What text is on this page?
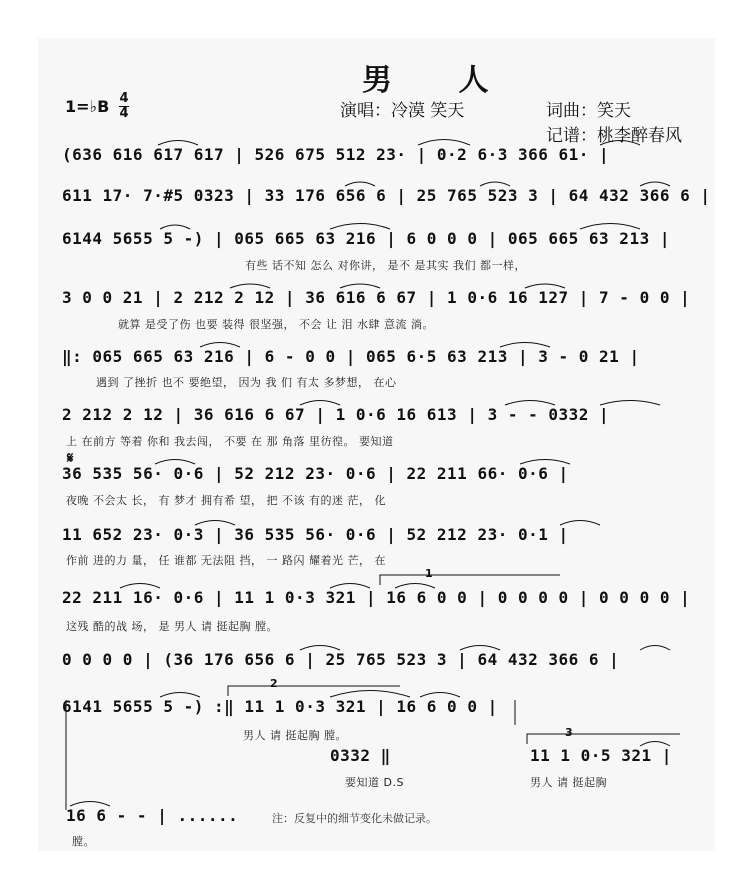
男 人
1=♭B 4
4	演唱：冷漠 笑天	词曲：笑天
记谱：桃李醉春风
(636 616 617 617 | 526 675 512 23· | 0·2 6·3 366 61· |
611 17· 7·#5 0323 | 33 176 656 6 | 25 765 523 3 | 64 432 366 6 |
6144 5655 5 -) | 065 665 63 216 | 6 0 0 0 | 065 665 63 213 |
有些 话不知 怎么 对你讲， 是不 是其实 我们 都一样，
3 0 0 21 | 2 212 2 12 | 36 616 6 67 | 1 0·6 16 127 | 7 - 0 0 |
就算 是受了伤 也要 装得 很坚强， 不会 让 泪 水肆 意流 淌。
‖: 065 665 63 216 | 6 - 0 0 | 065 6·5 63 213 | 3 - 0 21 |
遇到 了挫折 也不 要绝望， 因为 我 们 有太 多梦想， 在心
2 212 2 12 | 36 616 6 67 | 1 0·6 16 613 | 3 - - 0332 |
上 在前方 等着 你和 我去闯， 不要 在 那 角落 里彷徨。 要知道
𝄋
36 535 56· 0·6 | 52 212 23· 0·6 | 22 211 66· 0·6 |
夜晚 不会太 长， 有 梦才 拥有希 望， 把 不该 有的迷 茫， 化
11 652 23· 0·3 | 36 535 56· 0·6 | 52 212 23· 0·1 |
作前 进的力 量， 任 谁都 无法阻 挡， 一 路闪 耀着光 芒， 在
1
22 211 16· 0·6 | 11 1 0·3 321 | 16 6 0 0 | 0 0 0 0 | 0 0 0 0 |
这残 酷的战 场， 是 男人 请 挺起胸 膛。
0 0 0 0 | (36 176 656 6 | 25 765 523 3 | 64 432 366 6 |
2
6141 5655 5 -) :‖ 11 1 0·3 321 | 16 6 0 0 |
男人 请 挺起胸 膛。
0332 ‖
要知道 D.S
3
11 1 0·5 321 |
男人 请 挺起胸
16 6 - - | ......
膛。
注：反复中的细节变化未做记录。
